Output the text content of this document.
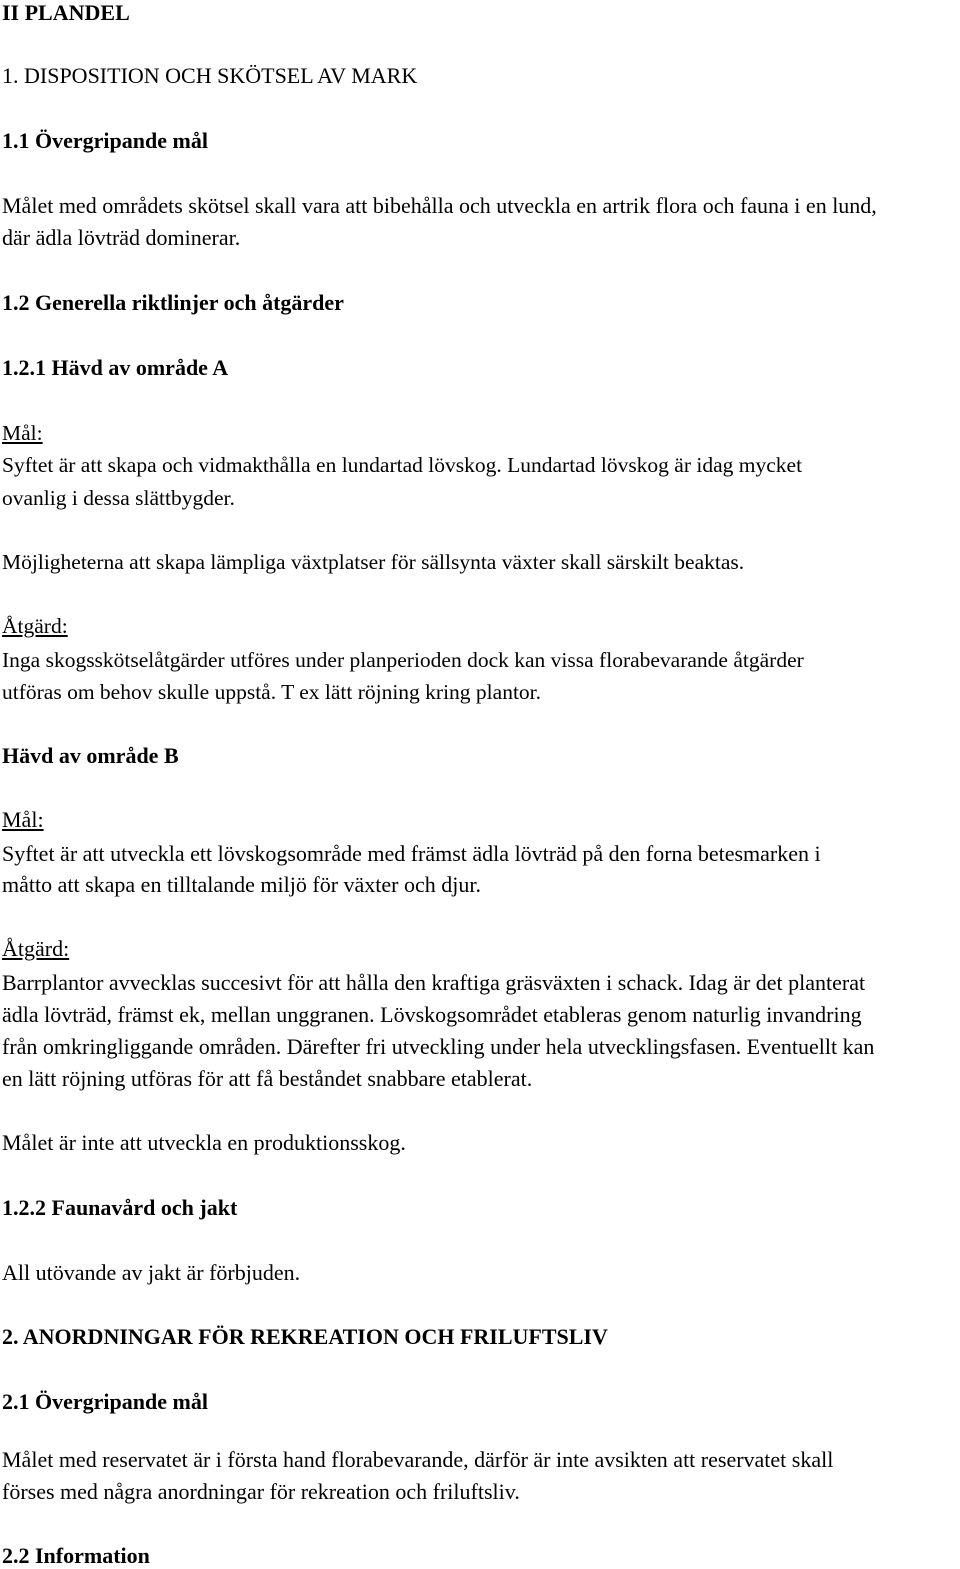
II PLANDEL
1. DISPOSITION OCH SKÖTSEL AV MARK
1.1 Övergripande mål
Målet med områdets skötsel skall vara att bibehålla och utveckla en artrik flora och fauna i en lund,
där ädla lövträd dominerar.
1.2 Generella riktlinjer och åtgärder
1.2.1 Hävd av område A
Mål:
Syftet är att skapa och vidmakthålla en lundartad lövskog. Lundartad lövskog är idag mycket
ovanlig i dessa slättbygder.
Möjligheterna att skapa lämpliga växtplatser för sällsynta växter skall särskilt beaktas.
Åtgärd:
Inga skogsskötselåtgärder utföres under planperioden dock kan vissa florabevarande åtgärder
utföras om behov skulle uppstå. T ex lätt röjning kring plantor.
Hävd av område B
Mål:
Syftet är att utveckla ett lövskogsområde med främst ädla lövträd på den forna betesmarken i
måtto att skapa en tilltalande miljö för växter och djur.
Åtgärd:
Barrplantor avvecklas succesivt för att hålla den kraftiga gräsväxten i schack. Idag är det planterat
ädla lövträd, främst ek, mellan unggranen. Lövskogsområdet etableras genom naturlig invandring
från omkringliggande områden. Därefter fri utveckling under hela utvecklingsfasen. Eventuellt kan
en lätt röjning utföras för att få beståndet snabbare etablerat.
Målet är inte att utveckla en produktionsskog.
1.2.2 Faunavård och jakt
All utövande av jakt är förbjuden.
2. ANORDNINGAR FÖR REKREATION OCH FRILUFTSLIV
2.1 Övergripande mål
Målet med reservatet är i första hand florabevarande, därför är inte avsikten att reservatet skall
förses med några anordningar för rekreation och friluftsliv.
2.2 Information
